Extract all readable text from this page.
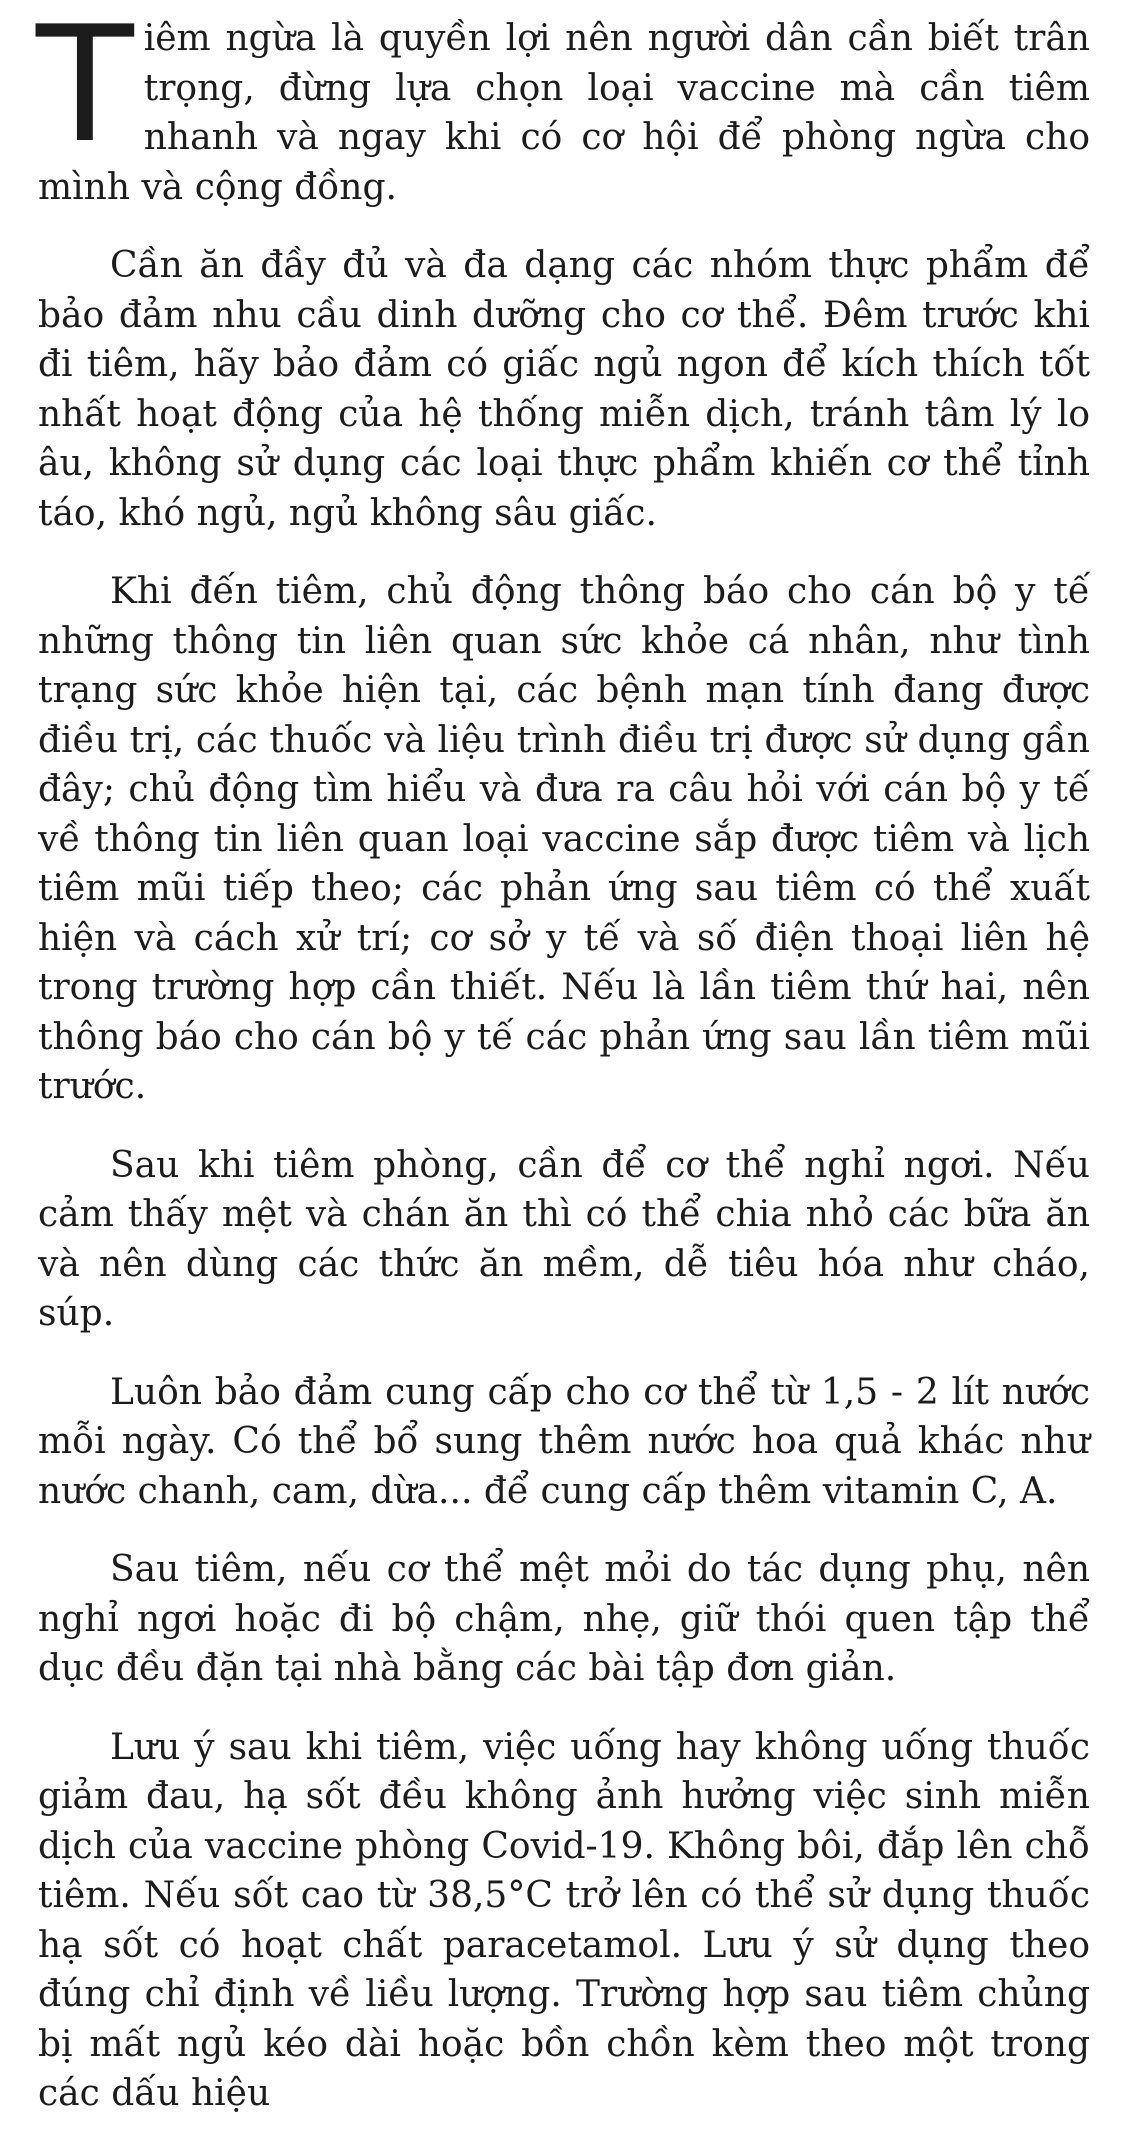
Tiêm ngừa là quyền lợi nên người dân cần biết trân trọng, đừng lựa chọn loại vaccine mà cần tiêm nhanh và ngay khi có cơ hội để phòng ngừa cho mình và cộng đồng.

Cần ăn đầy đủ và đa dạng các nhóm thực phẩm để bảo đảm nhu cầu dinh dưỡng cho cơ thể. Đêm trước khi đi tiêm, hãy bảo đảm có giấc ngủ ngon để kích thích tốt nhất hoạt động của hệ thống miễn dịch, tránh tâm lý lo âu, không sử dụng các loại thực phẩm khiến cơ thể tỉnh táo, khó ngủ, ngủ không sâu giấc.

Khi đến tiêm, chủ động thông báo cho cán bộ y tế những thông tin liên quan sức khỏe cá nhân, như tình trạng sức khỏe hiện tại, các bệnh mạn tính đang được điều trị, các thuốc và liệu trình điều trị được sử dụng gần đây; chủ động tìm hiểu và đưa ra câu hỏi với cán bộ y tế về thông tin liên quan loại vaccine sắp được tiêm và lịch tiêm mũi tiếp theo; các phản ứng sau tiêm có thể xuất hiện và cách xử trí; cơ sở y tế và số điện thoại liên hệ trong trường hợp cần thiết. Nếu là lần tiêm thứ hai, nên thông báo cho cán bộ y tế các phản ứng sau lần tiêm mũi trước.

Sau khi tiêm phòng, cần để cơ thể nghỉ ngơi. Nếu cảm thấy mệt và chán ăn thì có thể chia nhỏ các bữa ăn và nên dùng các thức ăn mềm, dễ tiêu hóa như cháo, súp.

Luôn bảo đảm cung cấp cho cơ thể từ 1,5 - 2 lít nước mỗi ngày. Có thể bổ sung thêm nước hoa quả khác như nước chanh, cam, dừa... để cung cấp thêm vitamin C, A.

Sau tiêm, nếu cơ thể mệt mỏi do tác dụng phụ, nên nghỉ ngơi hoặc đi bộ chậm, nhẹ, giữ thói quen tập thể dục đều đặn tại nhà bằng các bài tập đơn giản.

Lưu ý sau khi tiêm, việc uống hay không uống thuốc giảm đau, hạ sốt đều không ảnh hưởng việc sinh miễn dịch của vaccine phòng Covid-19. Không bôi, đắp lên chỗ tiêm. Nếu sốt cao từ 38,5°C trở lên có thể sử dụng thuốc hạ sốt có hoạt chất paracetamol. Lưu ý sử dụng theo đúng chỉ định về liều lượng. Trường hợp sau tiêm chủng bị mất ngủ kéo dài hoặc bồn chồn kèm theo một trong các dấu hiệu
